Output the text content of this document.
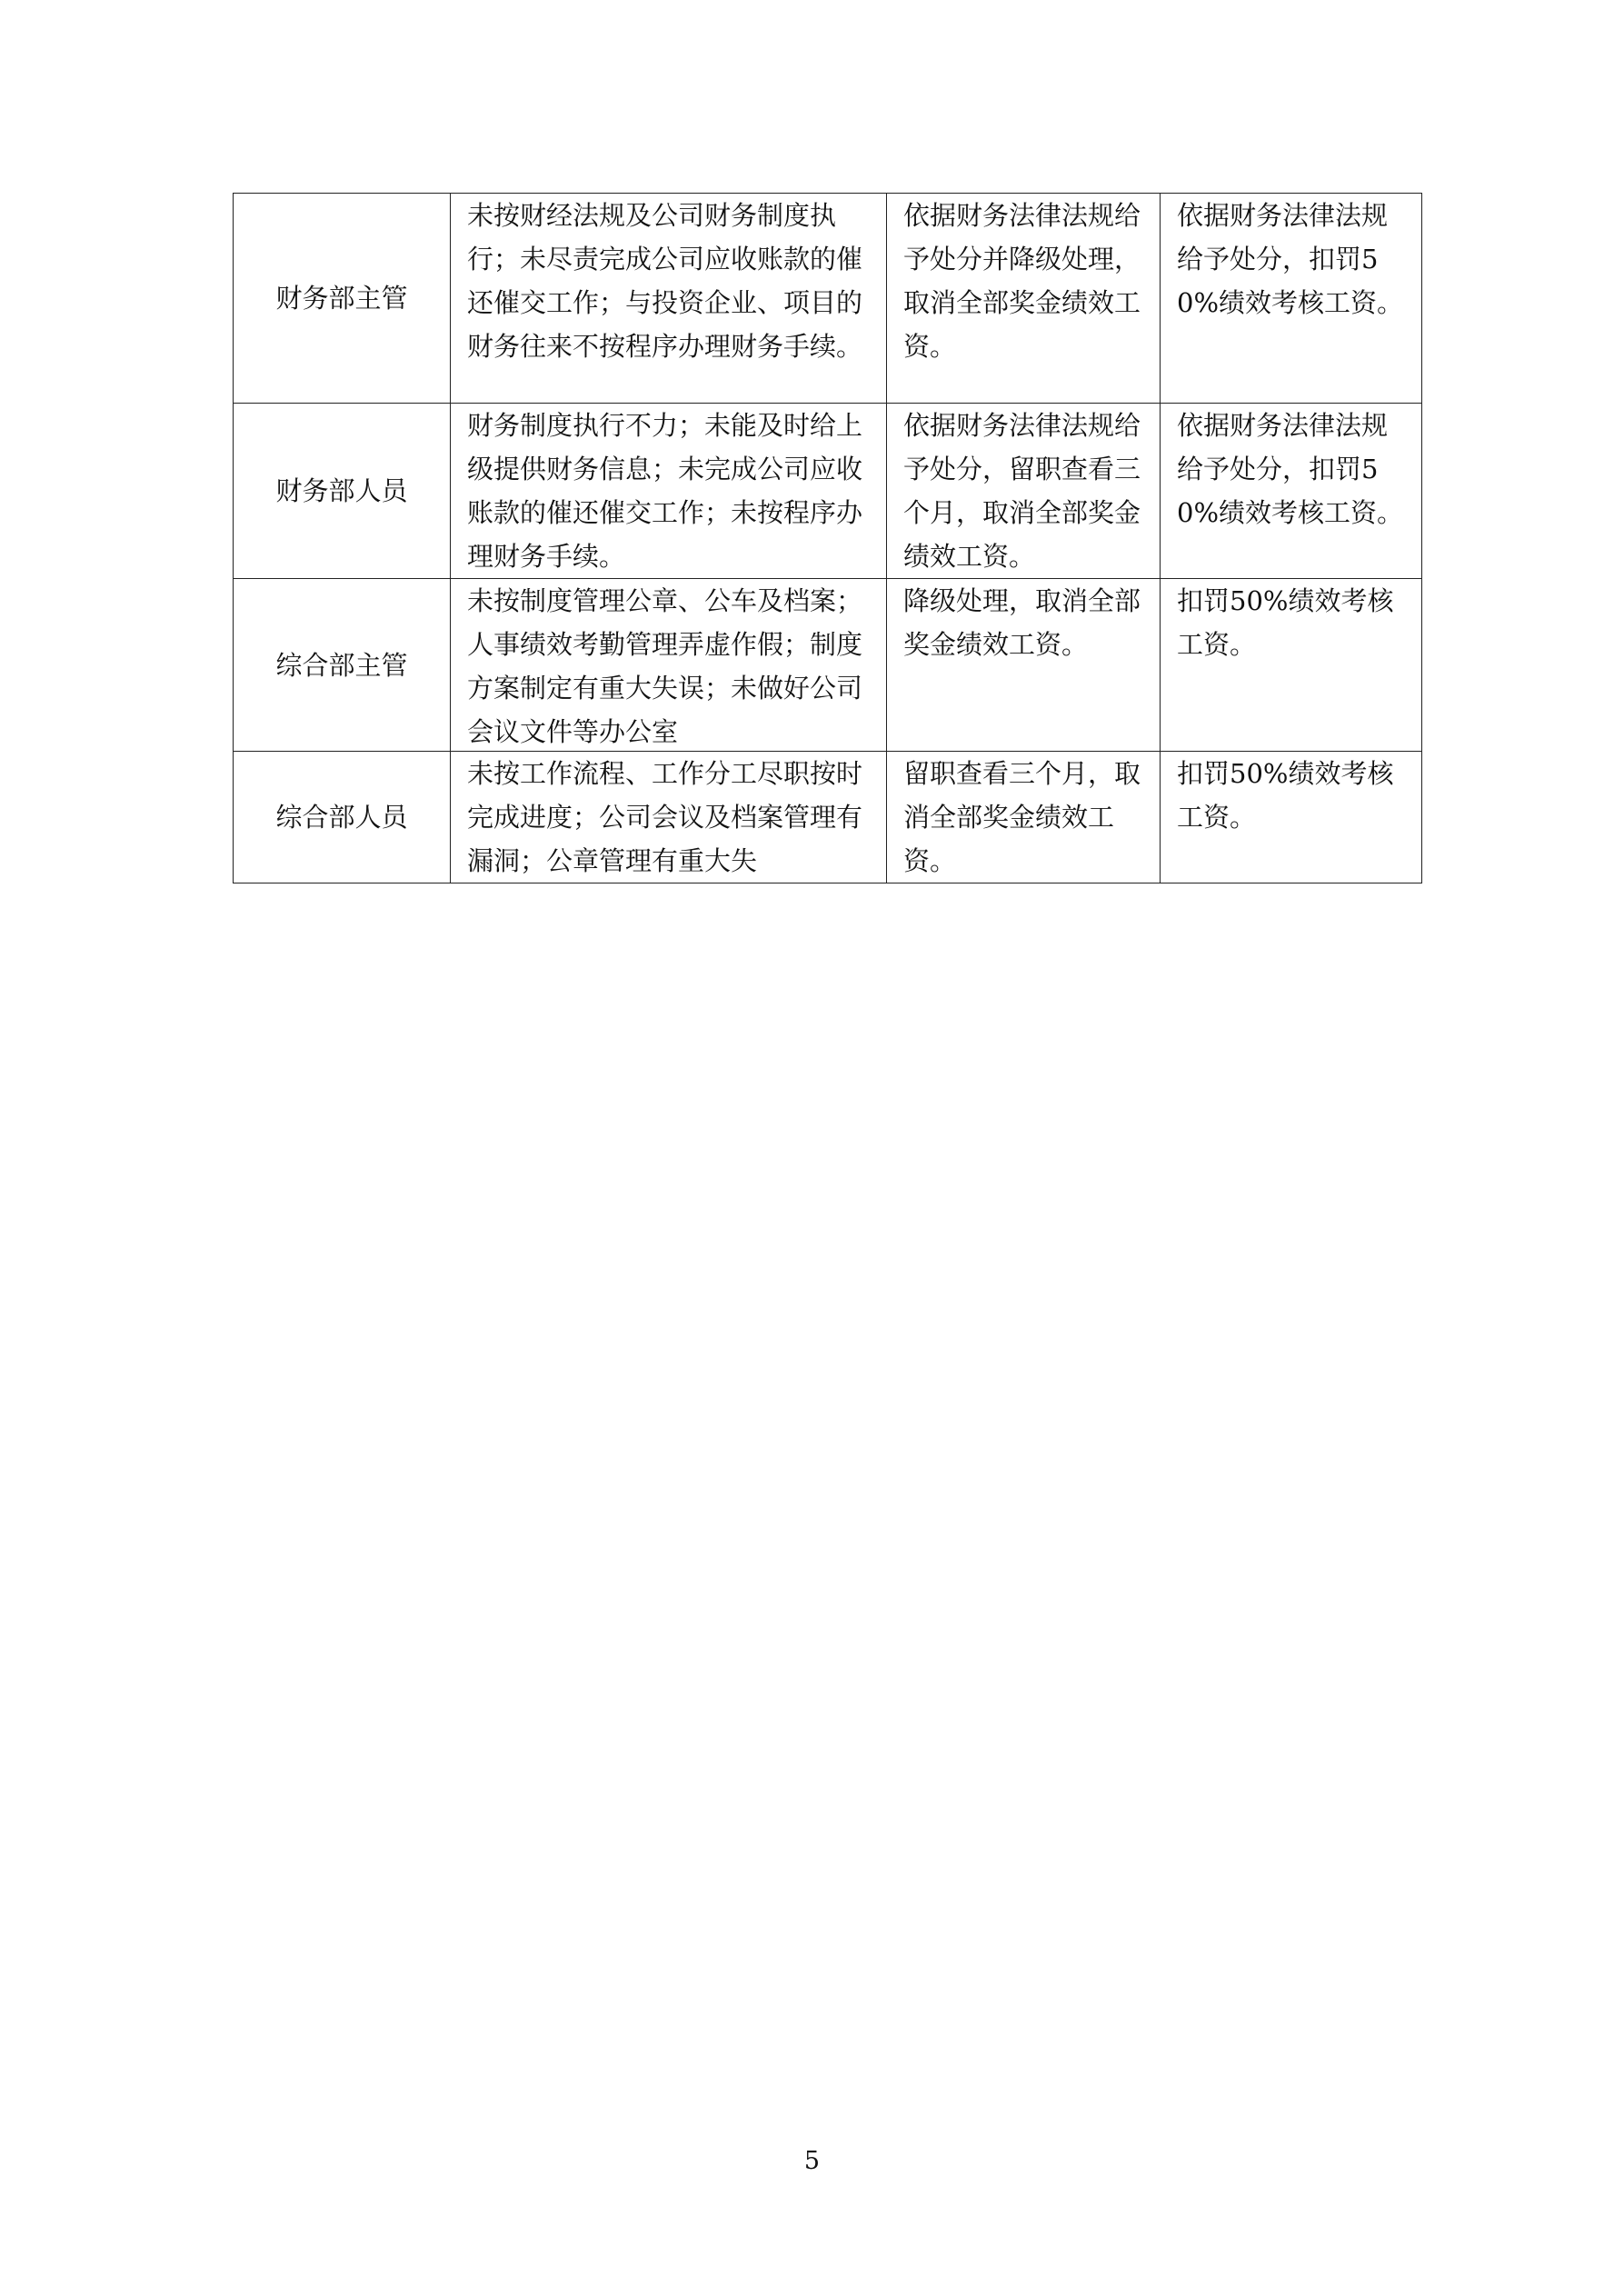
财务部主管	未按财经法规及公司财务制度执行；未尽责完成公司应收账款的催还催交工作；与投资企业、项目的财务往来不按程序办理财务手续。	依据财务法律法规给予处分并降级处理，取消全部奖金绩效工资。	依据财务法律法规给予处分，扣罚50%绩效考核工资。

财务部人员	财务制度执行不力；未能及时给上级提供财务信息；未完成公司应收账款的催还催交工作；未按程序办理财务手续。	依据财务法律法规给予处分，留职查看三个月，取消全部奖金绩效工资。	依据财务法律法规给予处分，扣罚50%绩效考核工资。

综合部主管	未按制度管理公章、公车及档案；人事绩效考勤管理弄虚作假；制度方案制定有重大失误；未做好公司会议文件等办公室	降级处理，取消全部奖金绩效工资。	扣罚50%绩效考核工资。

综合部人员	未按工作流程、工作分工尽职按时完成进度；公司会议及档案管理有漏洞；公章管理有重大失	留职查看三个月，取消全部奖金绩效工资。	扣罚50%绩效考核工资。
5
